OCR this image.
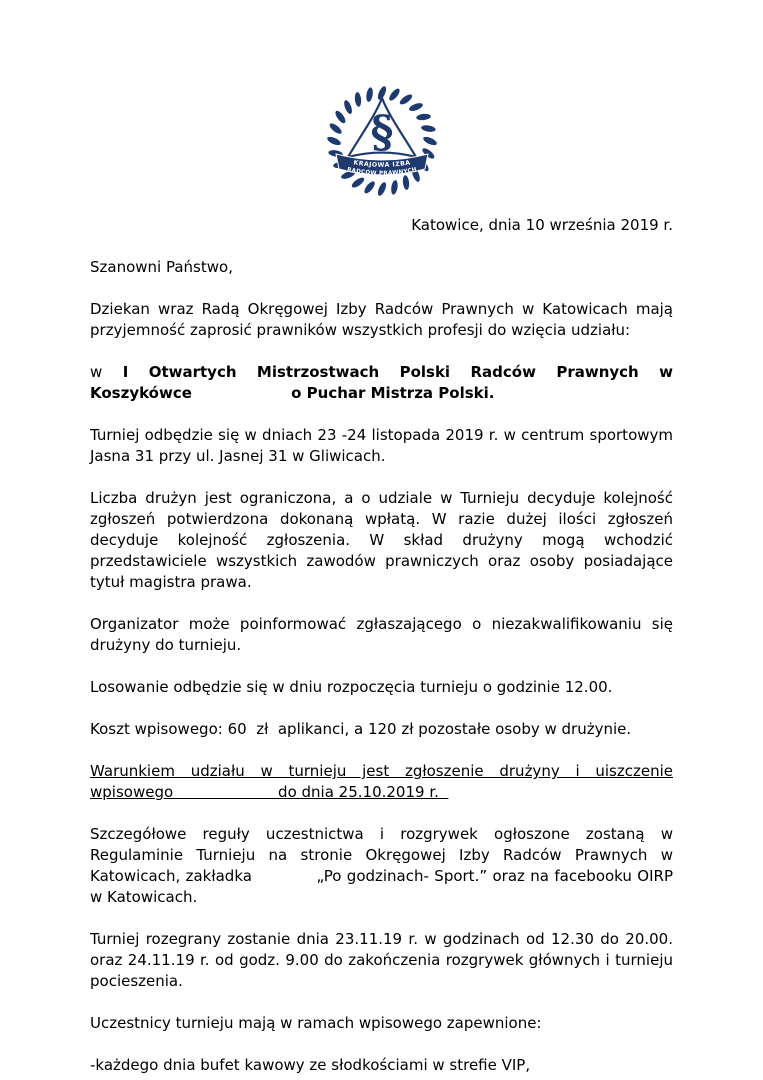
§
KRAJOWA IZBA
RADCÓW PRAWNYCH
Katowice, dnia 10 września 2019 r.
Szanowni Państwo,
Dziekan wraz Radą Okręgowej Izby Radców Prawnych w Katowicach mają przyjemność zaprosić prawników wszystkich profesji do wzięcia udziału:
w I Otwartych Mistrzostwach Polski Radców Prawnych w
Koszykówce                   o Puchar Mistrza Polski.
Turniej odbędzie się w dniach 23 -24 listopada 2019 r. w centrum sportowym Jasna 31 przy ul. Jasnej 31 w Gliwicach.
Liczba drużyn jest ograniczona, a o udziale w Turnieju decyduje kolejność zgłoszeń potwierdzona dokonaną wpłatą. W razie dużej ilości zgłoszeń decyduje kolejność zgłoszenia. W skład drużyny mogą wchodzić przedstawiciele wszystkich zawodów prawniczych oraz osoby posiadające tytuł magistra prawa.
Organizator może poinformować zgłaszającego o niezakwalifikowaniu się drużyny do turnieju.
Losowanie odbędzie się w dniu rozpoczęcia turnieju o godzinie 12.00.
Koszt wpisowego: 60  zł  aplikanci, a 120 zł pozostałe osoby w drużynie.
Warunkiem udziału w turnieju jest zgłoszenie drużyny i uiszczenie
wpisowego                      do dnia 25.10.2019 r.
Szczegółowe reguły uczestnictwa i rozgrywek ogłoszone zostaną w Regulaminie Turnieju na stronie Okręgowej Izby Radców Prawnych w Katowicach, zakładka            „Po godzinach- Sport.” oraz na facebooku OIRP w Katowicach.
Turniej rozegrany zostanie dnia 23.11.19 r. w godzinach od 12.30 do 20.00. oraz 24.11.19 r. od godz. 9.00 do zakończenia rozgrywek głównych i turnieju pocieszenia.
Uczestnicy turnieju mają w ramach wpisowego zapewnione:
-każdego dnia bufet kawowy ze słodkościami w strefie VIP,
